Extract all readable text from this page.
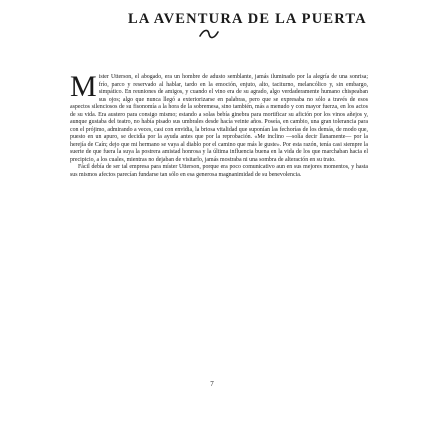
LA AVENTURA DE LA PUERTA

Mister Utterson, el abogado, era un hombre de adusto semblante, jamás iluminado por la alegría de una sonrisa; frío, parco y reservado al hablar, tardo en la emoción, enjuto, alto, taciturno, melancólico y, sin embargo, simpático. En reuniones de amigos, y cuando el vino era de su agrado, algo verdaderamente humano chispeaban sus ojos; algo que nunca llegó a exteriorizarse en palabras, pero que se expresaba no sólo a través de esos aspectos silenciosos de su fisonomía a la hora de la sobremesa, sino también, más a menudo y con mayor fuerza, en los actos de su vida. Era austero para consigo mismo; estando a solas bebía ginebra para mortificar su afición por los vinos añejos y, aunque gustaba del teatro, no había pisado sus umbrales desde hacía veinte años. Poseía, en cambio, una gran tolerancia para con el prójimo, admirando a veces, casi con envidia, la briosa vitalidad que suponían las fechorías de los demás, de modo que, puesto en un apuro, se decidía por la ayuda antes que por la reprobación. «Me inclino —solía decir llanamente— por la herejía de Caín; dejo que mi hermano se vaya al diablo por el camino que más le guste». Por esta razón, tenía casi siempre la suerte de que fuera la suya la postrera amistad honrosa y la última influencia buena en la vida de los que marchaban hacia el precipicio, a los cuales, mientras no dejaban de visitarlo, jamás mostraba ni una sombra de alteración en su trato.

Fácil debía de ser tal empresa para míster Utterson, porque era poco comunicativo aun en sus mejores momentos, y hasta sus mismos afectos parecían fundarse tan sólo en esa generosa magnanimidad de su benevolencia.

7
